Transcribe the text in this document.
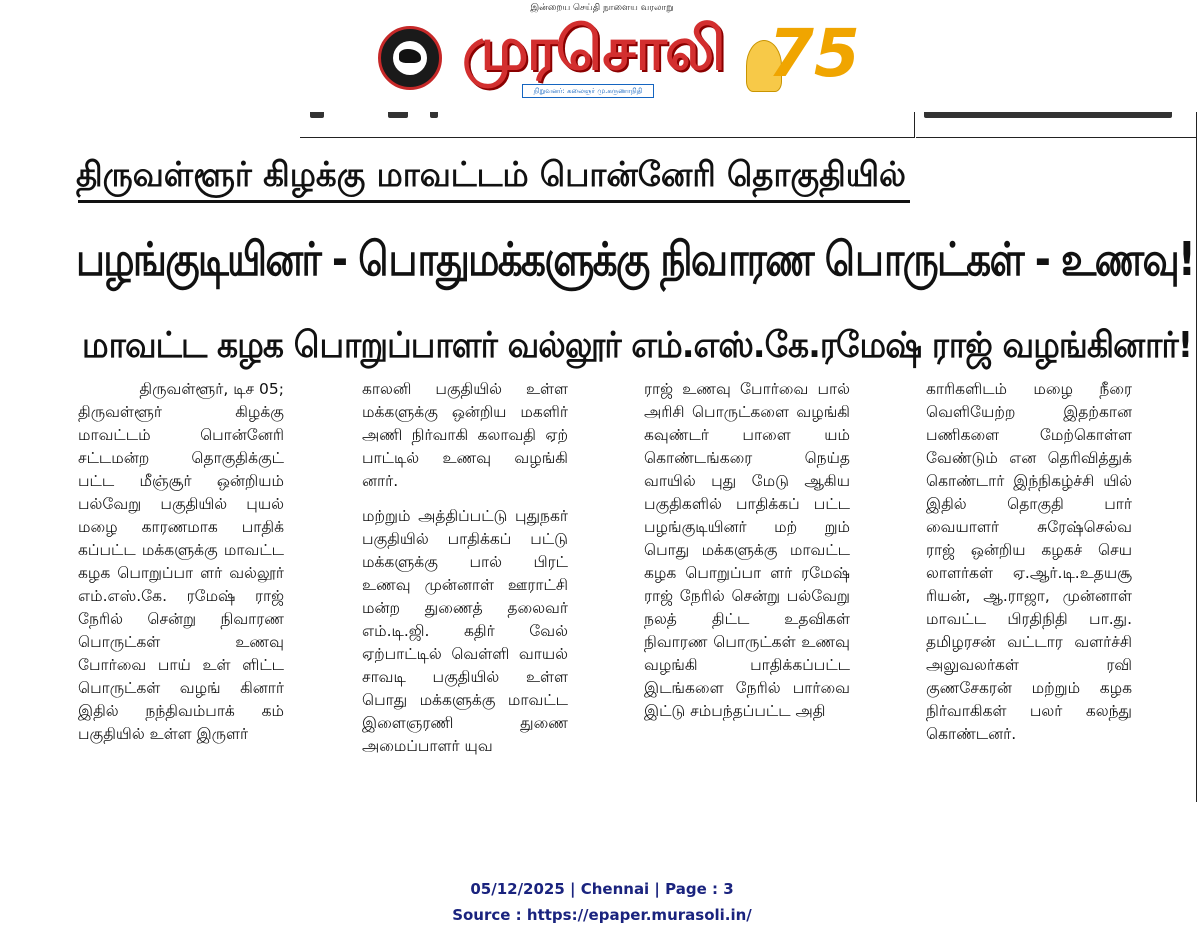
இன்றைய செய்தி நாளைய வரலாறு
முரசொலி
நிறுவனர்: கலைஞர் மு.கருணாநிதி 75
திருவள்ளூர் கிழக்கு மாவட்டம் பொன்னேரி தொகுதியில்
பழங்குடியினர் - பொதுமக்களுக்கு நிவாரண பொருட்கள் - உணவு!
மாவட்ட கழக பொறுப்பாளர் வல்லூர் எம்.எஸ்.கே.ரமேஷ் ராஜ் வழங்கினார்!

திருவள்ளூர், டிச 05;

திருவள்ளூர் கிழக்கு மாவட்டம் பொன்னேரி சட்டமன்ற தொகுதிக்குட் பட்ட மீஞ்சூர் ஒன்றியம் பல்வேறு பகுதியில் புயல் மழை காரணமாக பாதிக் கப்பட்ட மக்களுக்கு மாவட்ட கழக பொறுப்பா ளர் வல்லூர் எம்.எஸ்.கே. ரமேஷ் ராஜ் நேரில் சென்று நிவாரண பொருட்கள் உணவு போர்வை பாய் உள் ளிட்ட பொருட்கள் வழங் கினார் இதில் நந்திவம்பாக் கம் பகுதியில் உள்ள இருளர்

காலனி பகுதியில் உள்ள மக்களுக்கு ஒன்றிய மகளிர் அணி நிர்வாகி கலாவதி ஏற் பாட்டில் உணவு வழங்கி னார்.

மற்றும் அத்திப்பட்டு புதுநகர் பகுதியில் பாதிக்கப் பட்டு மக்களுக்கு பால் பிரட் உணவு முன்னாள் ஊராட்சி மன்ற துணைத் தலைவர் எம்.டி.ஜி. கதிர் வேல் ஏற்பாட்டில் வெள்ளி வாயல் சாவடி பகுதியில் உள்ள பொது மக்களுக்கு மாவட்ட இளைஞரணி துணை அமைப்பாளர் யுவ

ராஜ் உணவு போர்வை பால் அரிசி பொருட்களை வழங்கி கவுண்டர் பாளை யம் கொண்டங்கரை நெய்த வாயில் புது மேடு ஆகிய பகுதிகளில் பாதிக்கப் பட்ட பழங்குடியினர் மற் றும் பொது மக்களுக்கு மாவட்ட கழக பொறுப்பா ளர் ரமேஷ் ராஜ் நேரில் சென்று பல்வேறு நலத் திட்ட உதவிகள் நிவாரண பொருட்கள் உணவு வழங்கி பாதிக்கப்பட்ட இடங்களை நேரில் பார்வை இட்டு சம்பந்தப்பட்ட அதி

காரிகளிடம் மழை நீரை வெளியேற்ற இதற்கான பணிகளை மேற்கொள்ள வேண்டும் என தெரிவித்துக் கொண்டார் இந்நிகழ்ச்சி யில் இதில் தொகுதி பார் வையாளர் சுரேஷ்செல்வ ராஜ் ஒன்றிய கழகச் செய லாளர்கள் ஏ.ஆர்.டி.உதயசூ ரியன், ஆ.ராஜா, முன்னாள் மாவட்ட பிரதிநிதி பா.து. தமிழரசன் வட்டார வளர்ச்சி அலுவலர்கள் ரவி குணசேகரன் மற்றும் கழக நிர்வாகிகள் பலர் கலந்து கொண்டனர்.

05/12/2025 | Chennai | Page : 3
Source : https://epaper.murasoli.in/
